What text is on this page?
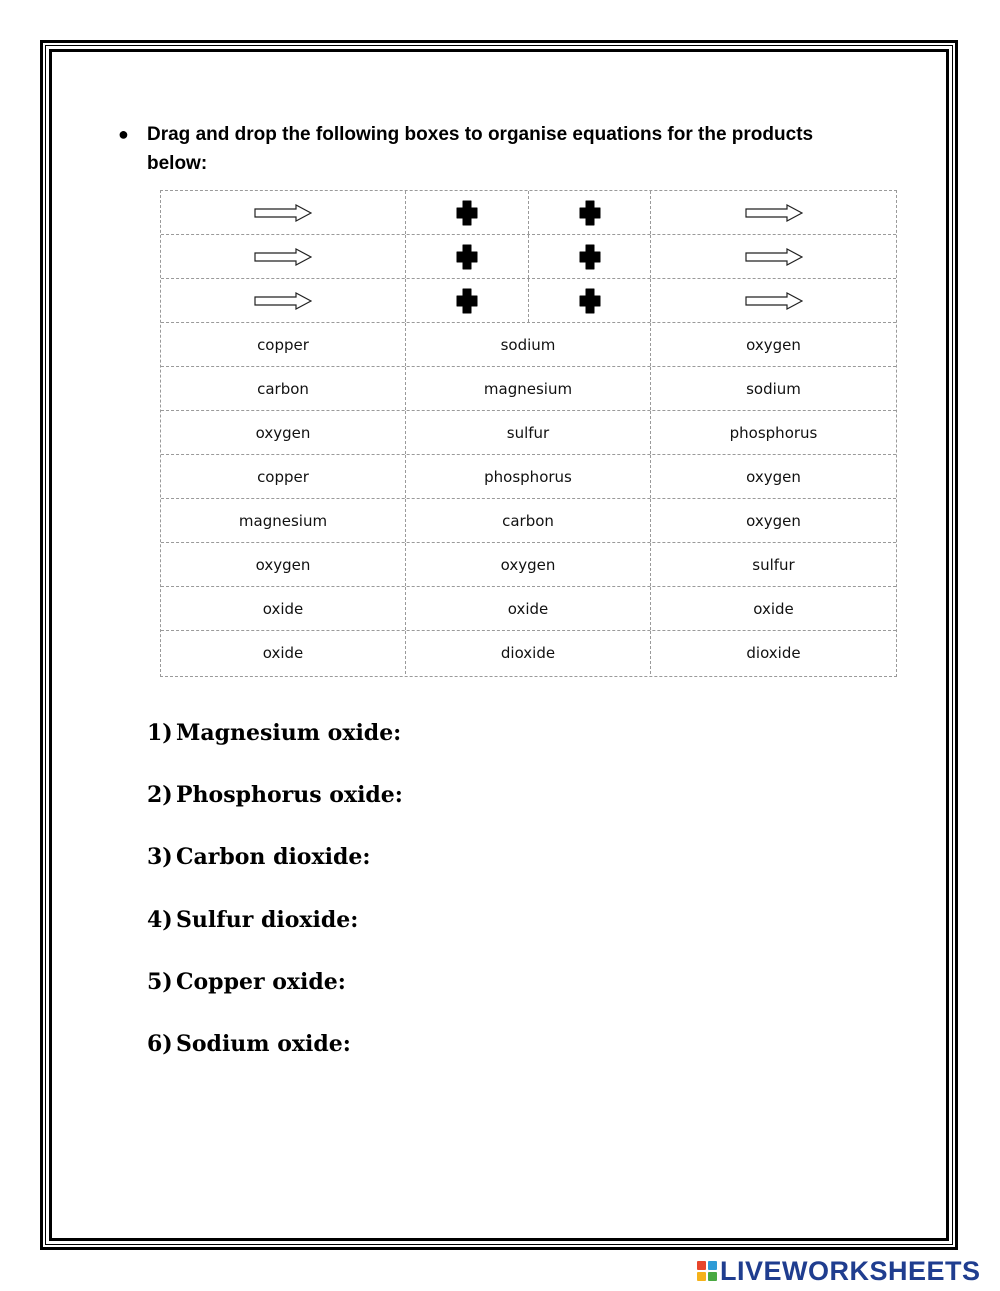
● Drag and drop the following boxes to organise equations for the products below:
copper	sodium	oxygen
carbon	magnesium	sodium
oxygen	sulfur	phosphorus
copper	phosphorus	oxygen
magnesium	carbon	oxygen
oxygen	oxygen	sulfur
oxide	oxide	oxide
oxide	dioxide	dioxide
1) Magnesium oxide:
2) Phosphorus oxide:
3) Carbon dioxide:
4) Sulfur dioxide:
5) Copper oxide:
6) Sodium oxide:
LIVEWORKSHEETS
